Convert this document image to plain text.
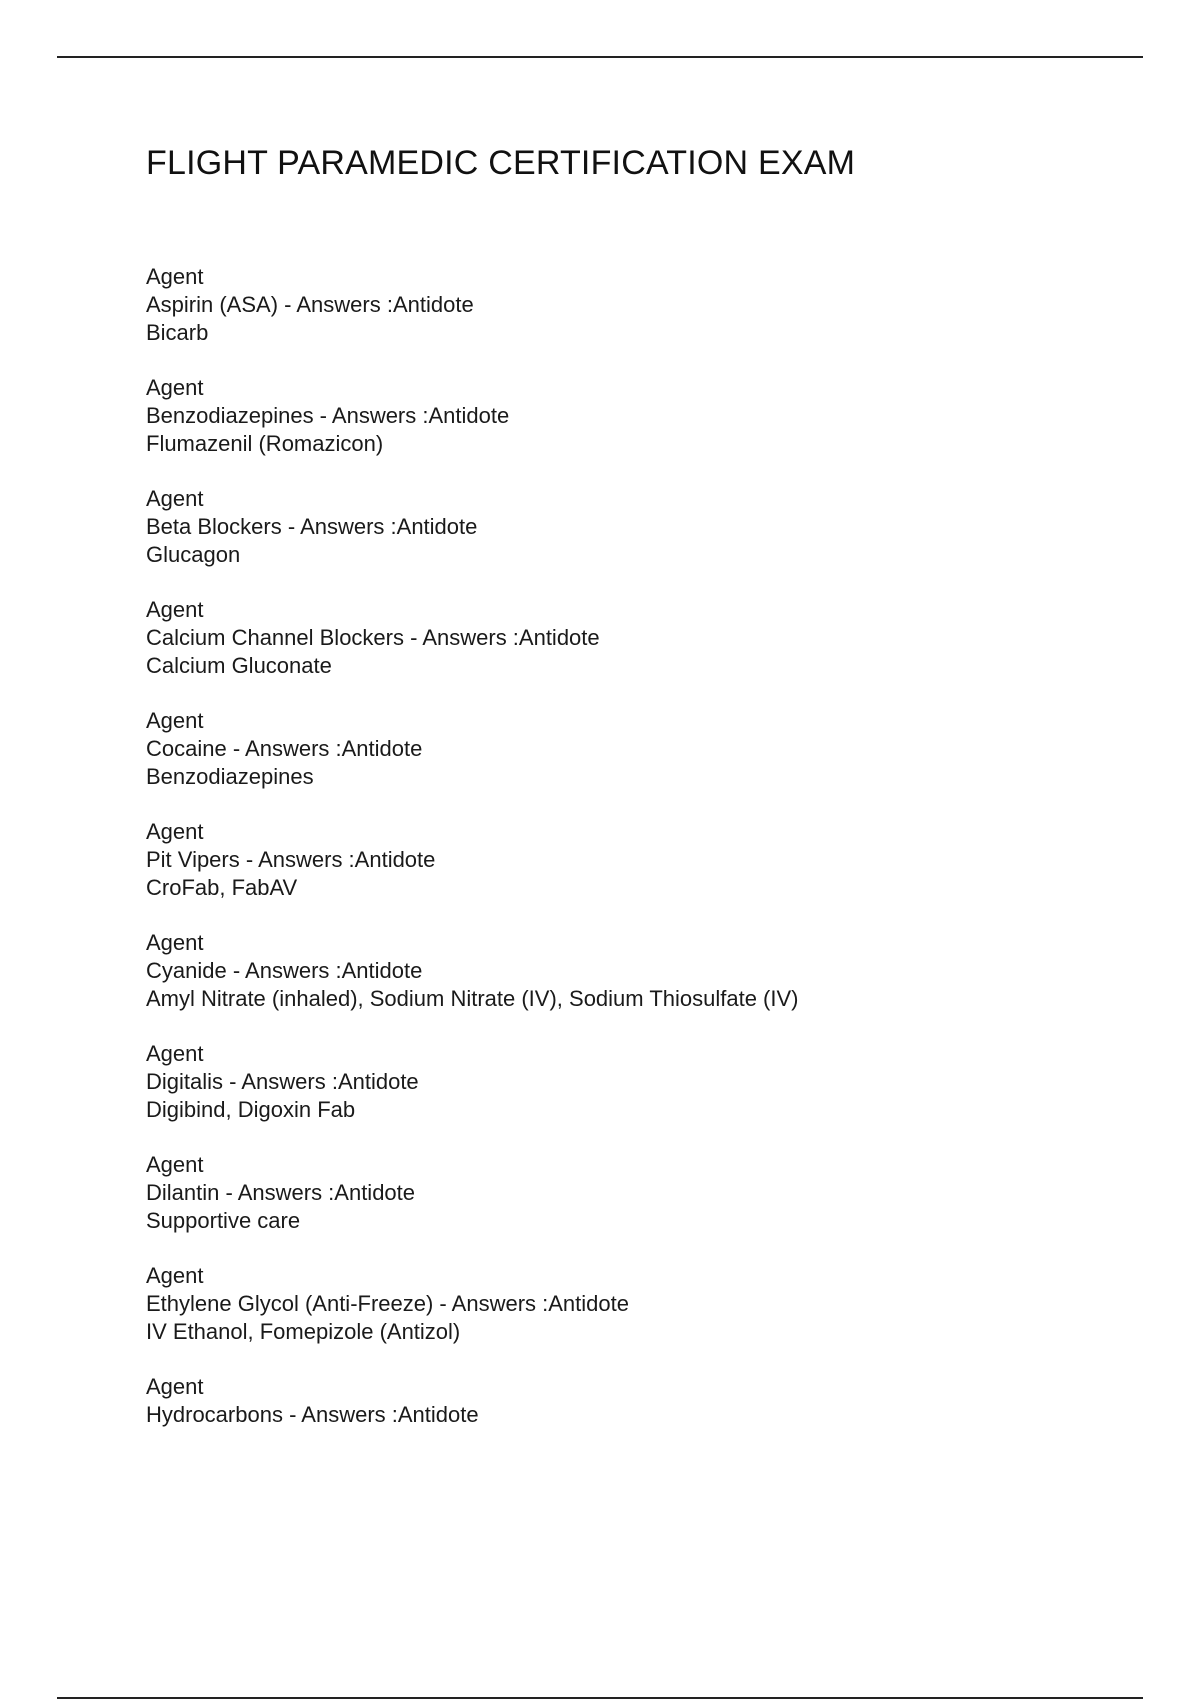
FLIGHT PARAMEDIC CERTIFICATION EXAM
Agent
Aspirin (ASA) - Answers :Antidote
Bicarb
Agent
Benzodiazepines - Answers :Antidote
Flumazenil (Romazicon)
Agent
Beta Blockers - Answers :Antidote
Glucagon
Agent
Calcium Channel Blockers - Answers :Antidote
Calcium Gluconate
Agent
Cocaine - Answers :Antidote
Benzodiazepines
Agent
Pit Vipers - Answers :Antidote
CroFab, FabAV
Agent
Cyanide - Answers :Antidote
Amyl Nitrate (inhaled), Sodium Nitrate (IV), Sodium Thiosulfate (IV)
Agent
Digitalis - Answers :Antidote
Digibind, Digoxin Fab
Agent
Dilantin - Answers :Antidote
Supportive care
Agent
Ethylene Glycol (Anti-Freeze) - Answers :Antidote
IV Ethanol, Fomepizole (Antizol)
Agent
Hydrocarbons - Answers :Antidote
